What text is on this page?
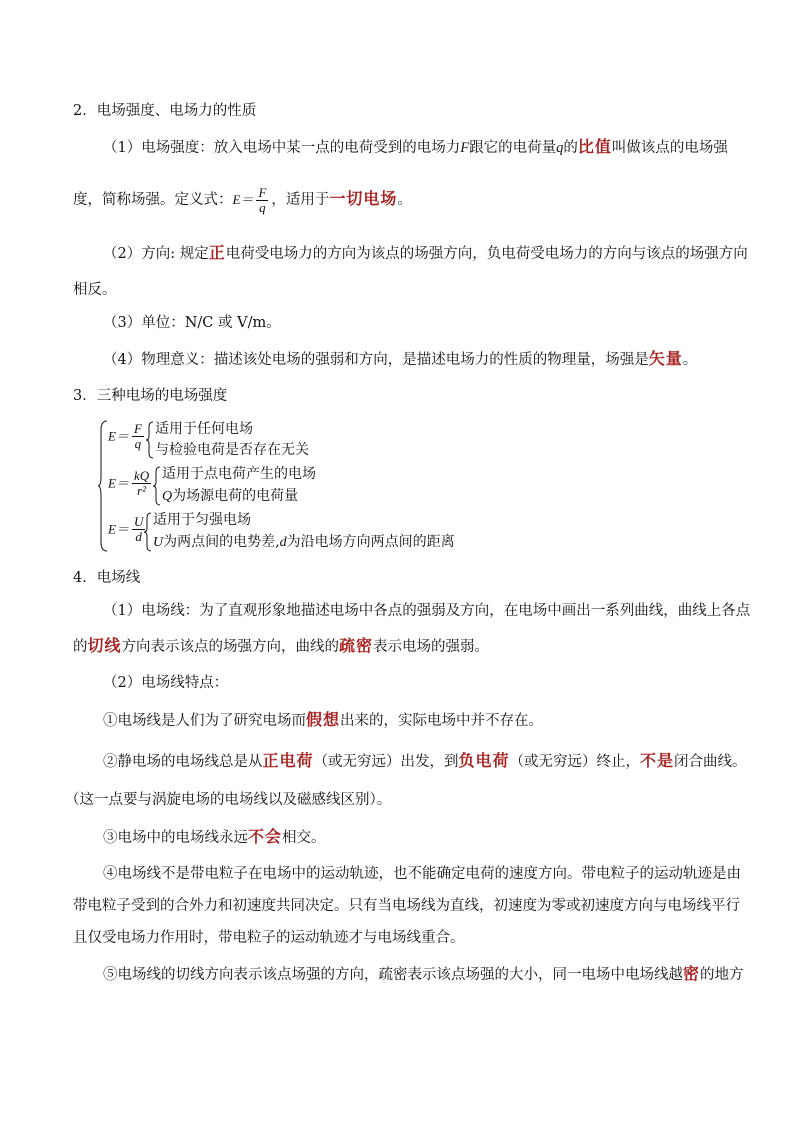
2．电场强度、电场力的性质
（1）电场强度：放入电场中某一点的电荷受到的电场力F跟它的电荷量q的比值叫做该点的电场强
度，简称场强。定义式：$E= \frac{F}{q}$ ，适用于一切电场。
（2）方向: 规定正电荷受电场力的方向为该点的场强方向，负电荷受电场力的方向与该点的场强方向
相反。
（3）单位：N/C 或 V/m。
（4）物理意义：描述该处电场的强弱和方向，是描述电场力的性质的物理量，场强是矢量。
3．三种电场的电场强度
$E= \frac{F}{q}$ 适用于任何电场
与检验电荷是否存在无关
$E= \frac{kQ}{\text{r²}}$ 适用于点电荷产生的电场
Q为场源电荷的电荷量
$E= \frac{U}{d}$ 适用于匀强电场
U为两点间的电势差,d为沿电场方向两点间的距离
4．电场线
（1）电场线：为了直观形象地描述电场中各点的强弱及方向，在电场中画出一系列曲线，曲线上各点
的切线方向表示该点的场强方向，曲线的疏密表示电场的强弱。
（2）电场线特点：
①电场线是人们为了研究电场而假想出来的，实际电场中并不存在。
②静电场的电场线总是从正电荷（或无穷远）出发，到负电荷（或无穷远）终止，不是闭合曲线。
（这一点要与涡旋电场的电场线以及磁感线区别）。
③电场中的电场线永远不会相交。
④电场线不是带电粒子在电场中的运动轨迹，也不能确定电荷的速度方向。带电粒子的运动轨迹是由
带电粒子受到的合外力和初速度共同决定。只有当电场线为直线，初速度为零或初速度方向与电场线平行
且仅受电场力作用时，带电粒子的运动轨迹才与电场线重合。
⑤电场线的切线方向表示该点场强的方向，疏密表示该点场强的大小，同一电场中电场线越密的地方
